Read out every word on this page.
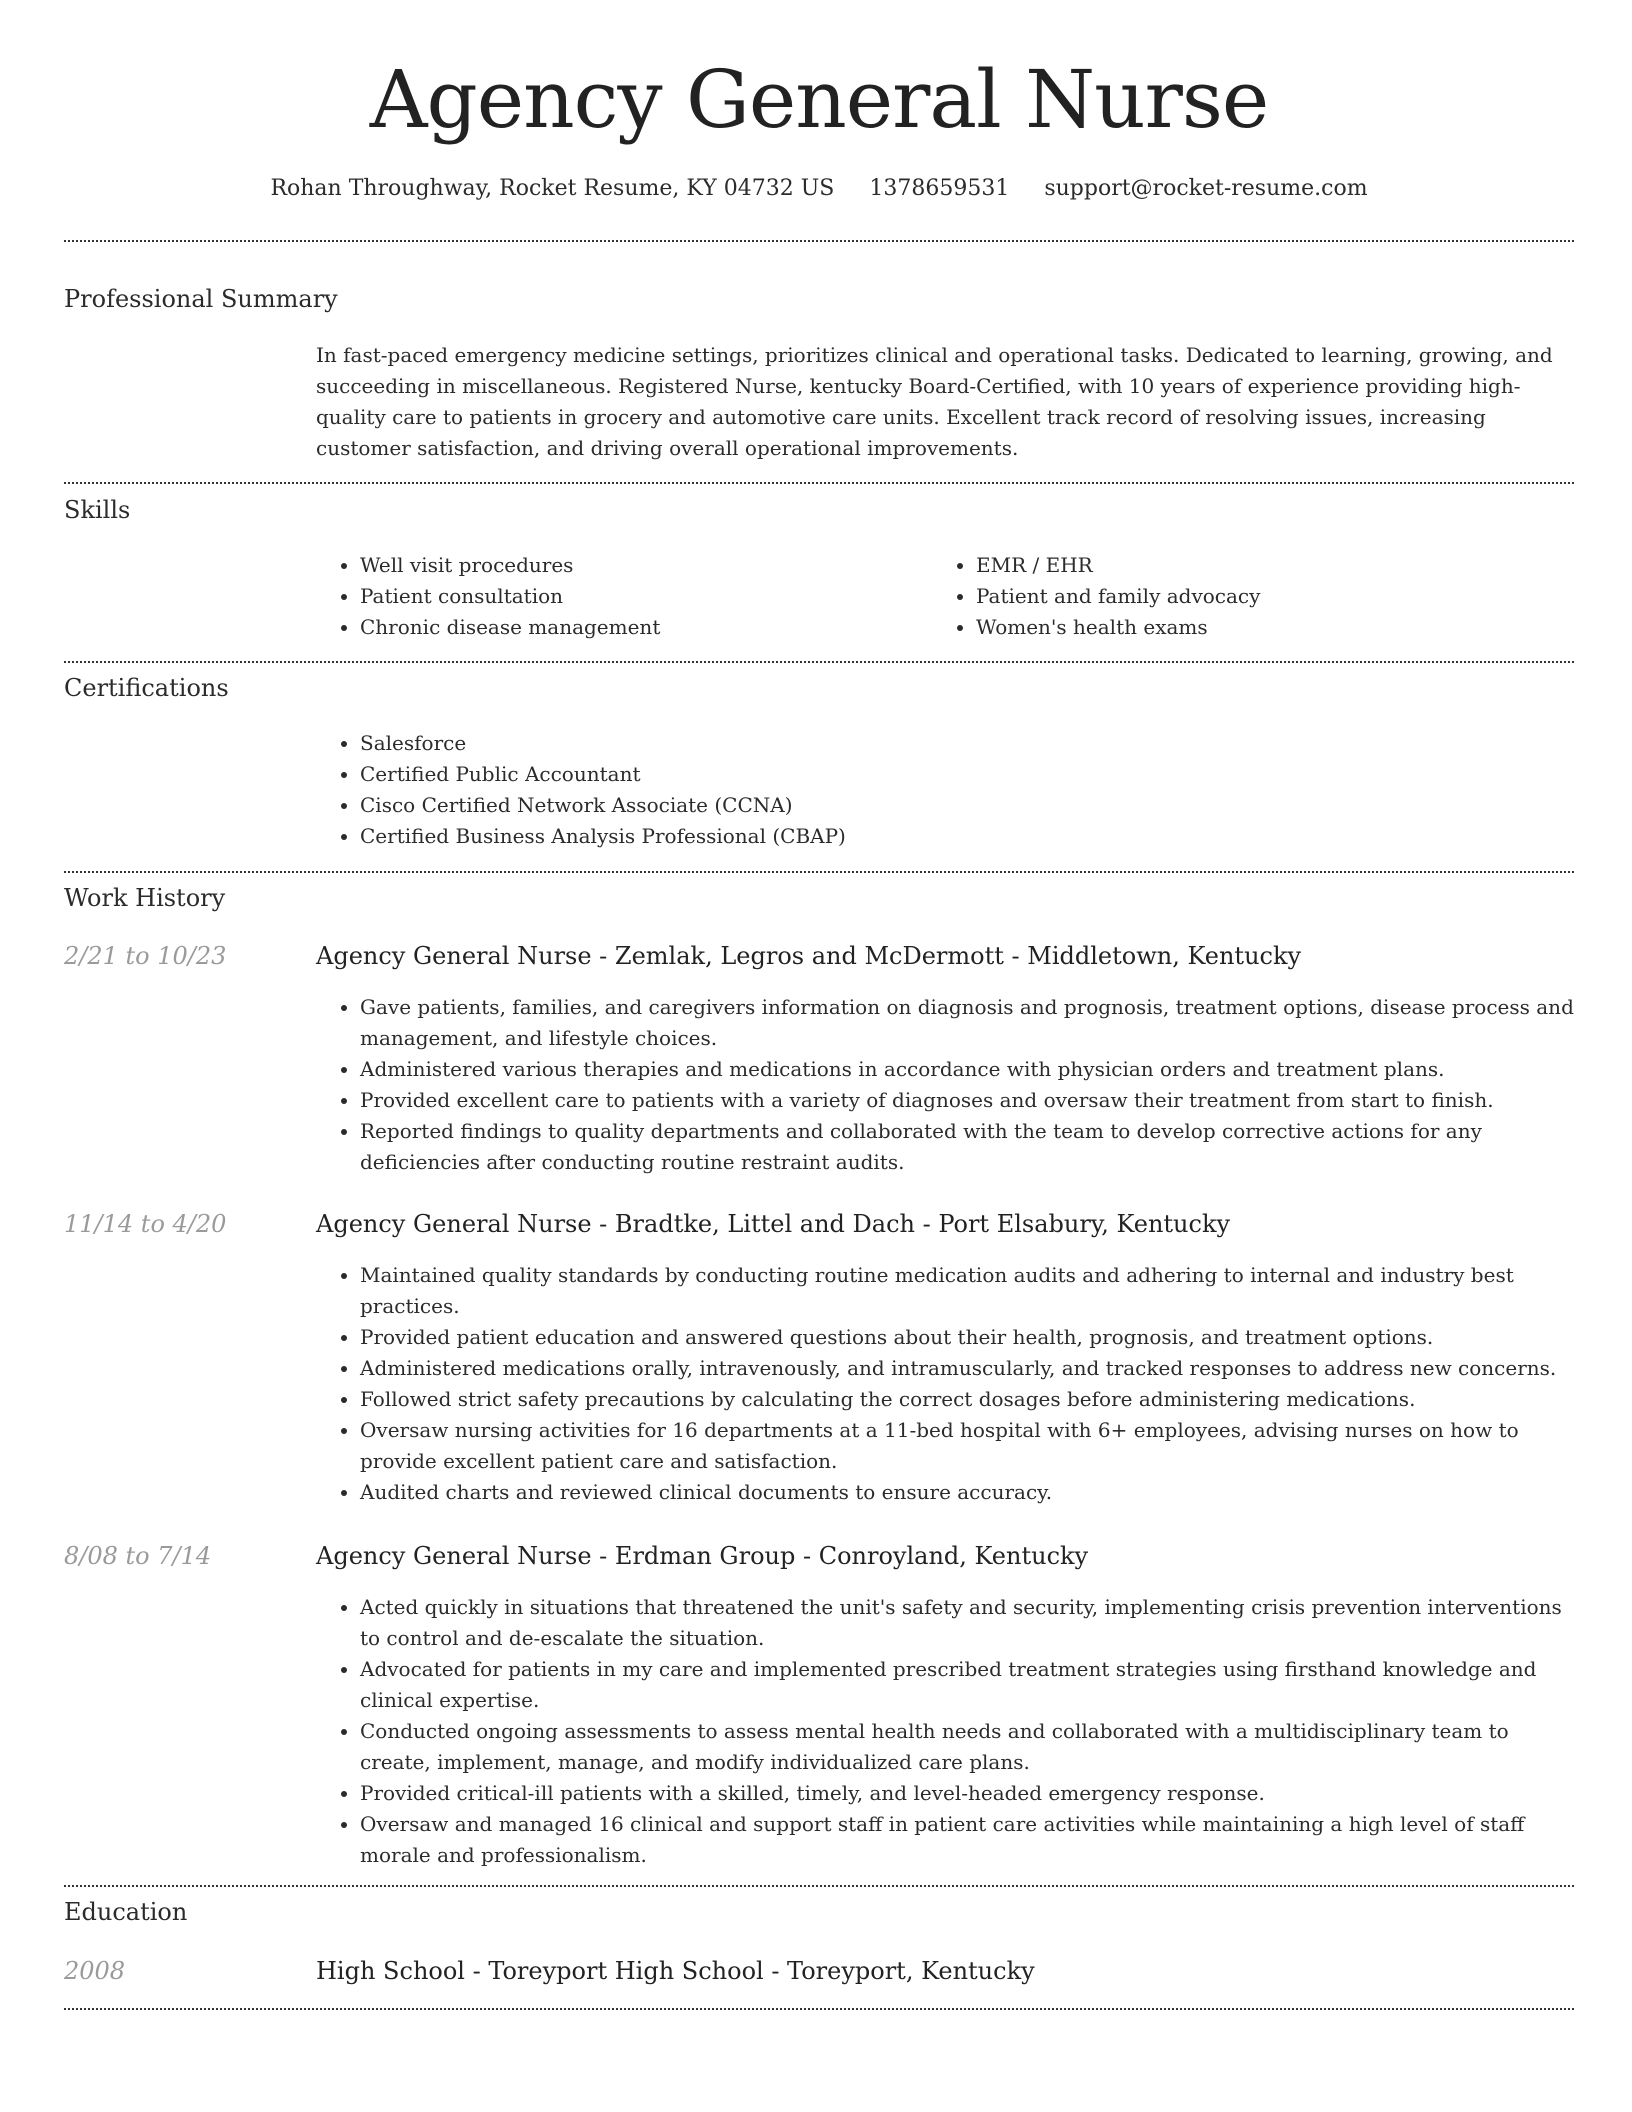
Agency General Nurse
Rohan Throughway, Rocket Resume, KY 04732 US 1378659531 support@rocket-resume.com
Professional Summary

In fast-paced emergency medicine settings, prioritizes clinical and operational tasks. Dedicated to learning, growing, and succeeding in miscellaneous. Registered Nurse, kentucky Board-Certified, with 10 years of experience providing high-quality care to patients in grocery and automotive care units. Excellent track record of resolving issues, increasing customer satisfaction, and driving overall operational improvements.

Skills
• Well visit procedures
• Patient consultation
• Chronic disease management
• EMR / EHR
• Patient and family advocacy
• Women's health exams
Certifications
• Salesforce
• Certified Public Accountant
• Cisco Certified Network Associate (CCNA)
• Certified Business Analysis Professional (CBAP)
Work History
2/21 to 10/23	Agency General Nurse - Zemlak, Legros and McDermott - Middletown, Kentucky
• Gave patients, families, and caregivers information on diagnosis and prognosis, treatment options, disease process and management, and lifestyle choices.
• Administered various therapies and medications in accordance with physician orders and treatment plans.
• Provided excellent care to patients with a variety of diagnoses and oversaw their treatment from start to finish.
• Reported findings to quality departments and collaborated with the team to develop corrective actions for any deficiencies after conducting routine restraint audits.
11/14 to 4/20	Agency General Nurse - Bradtke, Littel and Dach - Port Elsabury, Kentucky
• Maintained quality standards by conducting routine medication audits and adhering to internal and industry best practices.
• Provided patient education and answered questions about their health, prognosis, and treatment options.
• Administered medications orally, intravenously, and intramuscularly, and tracked responses to address new concerns.
• Followed strict safety precautions by calculating the correct dosages before administering medications.
• Oversaw nursing activities for 16 departments at a 11-bed hospital with 6+ employees, advising nurses on how to provide excellent patient care and satisfaction.
• Audited charts and reviewed clinical documents to ensure accuracy.
8/08 to 7/14	Agency General Nurse - Erdman Group - Conroyland, Kentucky
• Acted quickly in situations that threatened the unit's safety and security, implementing crisis prevention interventions to control and de-escalate the situation.
• Advocated for patients in my care and implemented prescribed treatment strategies using firsthand knowledge and clinical expertise.
• Conducted ongoing assessments to assess mental health needs and collaborated with a multidisciplinary team to create, implement, manage, and modify individualized care plans.
• Provided critical-ill patients with a skilled, timely, and level-headed emergency response.
• Oversaw and managed 16 clinical and support staff in patient care activities while maintaining a high level of staff morale and professionalism.
Education
2008	High School - Toreyport High School - Toreyport, Kentucky
